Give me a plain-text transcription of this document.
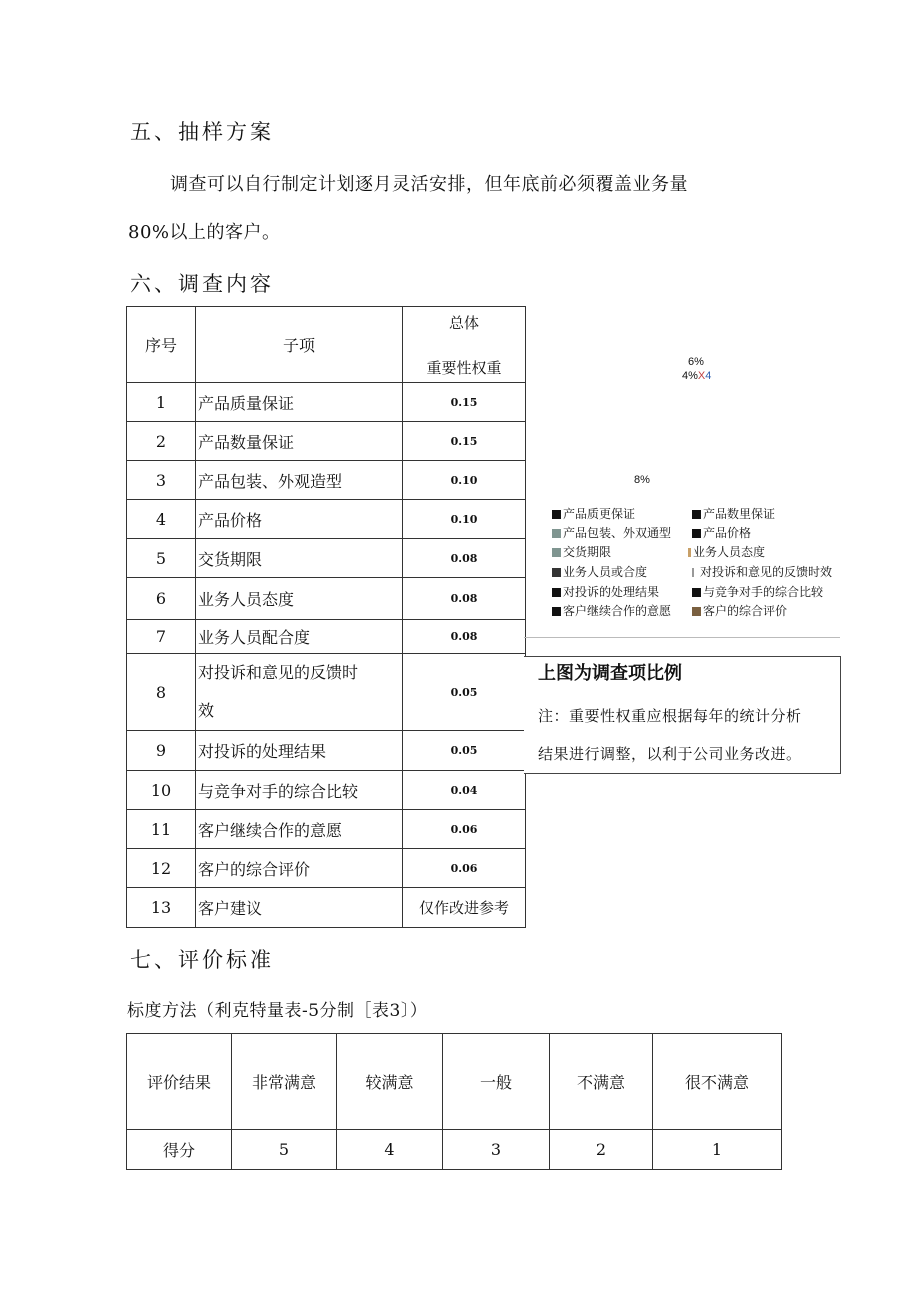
五、抽样方案
调查可以自行制定计划逐月灵活安排，但年底前必须覆盖业务量
80%以上的客户。
六、调查内容
序号	子项	总体
重要性权重

1	产品质量保证	0.15
2	产品数量保证	0.15
3	产品包装、外观造型	0.10
4	产品价格	0.10
5	交货期限	0.08
6	业务人员态度	0.08
7	业务人员配合度	0.08
8	对投诉和意见的反馈时
效	0.05
9	对投诉的处理结果	0.05
10	与竞争对手的综合比较	0.04
11	客户继续合作的意愿	0.06
12	客户的综合评价	0.06
13	客户建议	仅作改进参考
6%
4%X4
8%
产品质更保证	产品数里保证
产品包装、外双通型	产品价格
交货期限	业务人员态度
业务人员或合度	对投诉和意见的反馈时效
对投诉的处理结果	与竞争对手的综合比较
客户继续合作的意愿	客户的综合评价
上图为调查项比例
注：重要性权重应根据每年的统计分析
结果进行调整，以利于公司业务改进。
七、评价标准
标度方法（利克特量表-5分制［表3〕）
评价结果	非常满意	较满意	一般	不满意	很不满意
得分	5	4	3	2	1
